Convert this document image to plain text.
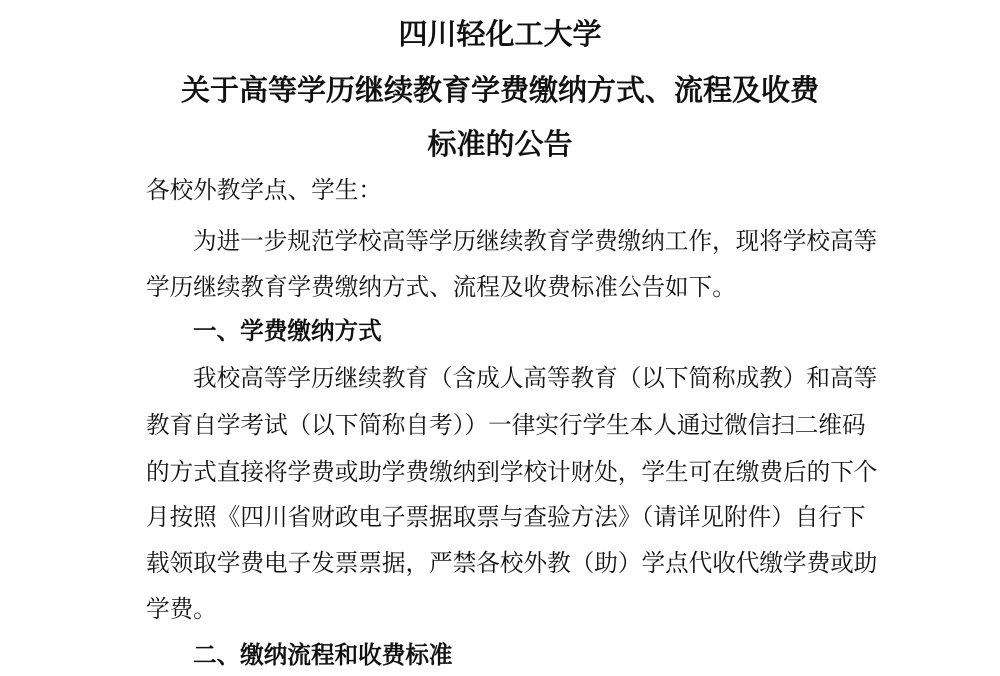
四川轻化工大学
关于高等学历继续教育学费缴纳方式、流程及收费
标准的公告
各校外教学点、学生：
为进一步规范学校高等学历继续教育学费缴纳工作，现将学校高等
学历继续教育学费缴纳方式、流程及收费标准公告如下。
一、学费缴纳方式
我校高等学历继续教育（含成人高等教育（以下简称成教）和高等
教育自学考试（以下简称自考））一律实行学生本人通过微信扫二维码
的方式直接将学费或助学费缴纳到学校计财处，学生可在缴费后的下个
月按照《四川省财政电子票据取票与查验方法》（请详见附件）自行下
载领取学费电子发票票据，严禁各校外教（助）学点代收代缴学费或助
学费。
二、缴纳流程和收费标准
